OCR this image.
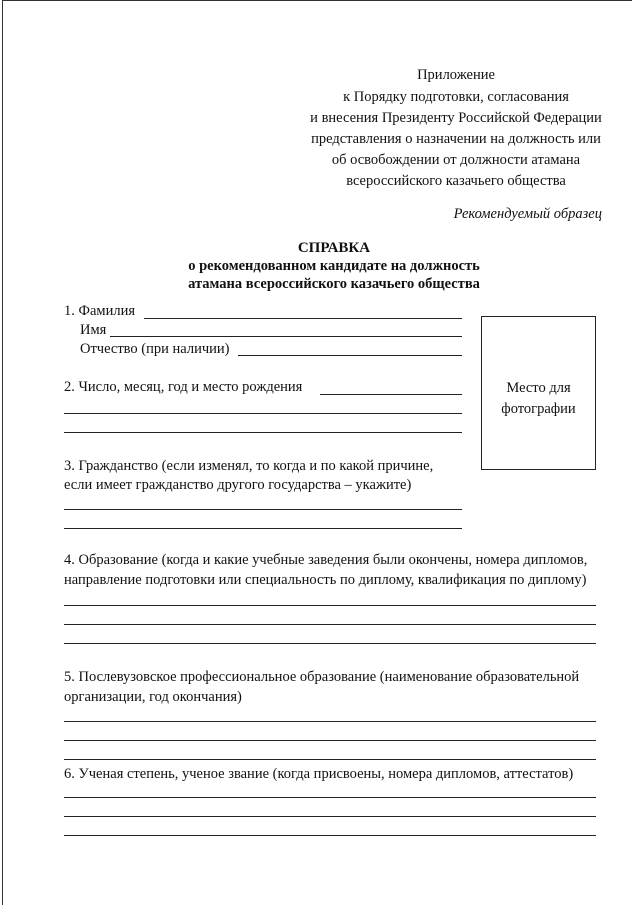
Приложение
к Порядку подготовки, согласования
и внесения Президенту Российской Федерации
представления о назначении на должность или
об освобождении от должности атамана
всероссийского казачьего общества
Рекомендуемый образец
СПРАВКА
о рекомендованном кандидате на должность
атамана всероссийского казачьего общества
Место для
фотографии
1. Фамилия
Имя
Отчество (при наличии)
2. Число, месяц, год и место рождения
3. Гражданство (если изменял, то когда и по какой причине,
если имеет гражданство другого государства – укажите)
4. Образование (когда и какие учебные заведения были окончены, номера дипломов,
направление подготовки или специальность по диплому, квалификация по диплому)
5. Послевузовское профессиональное образование (наименование образовательной
организации, год окончания)
6. Ученая степень, ученое звание (когда присвоены, номера дипломов, аттестатов)
